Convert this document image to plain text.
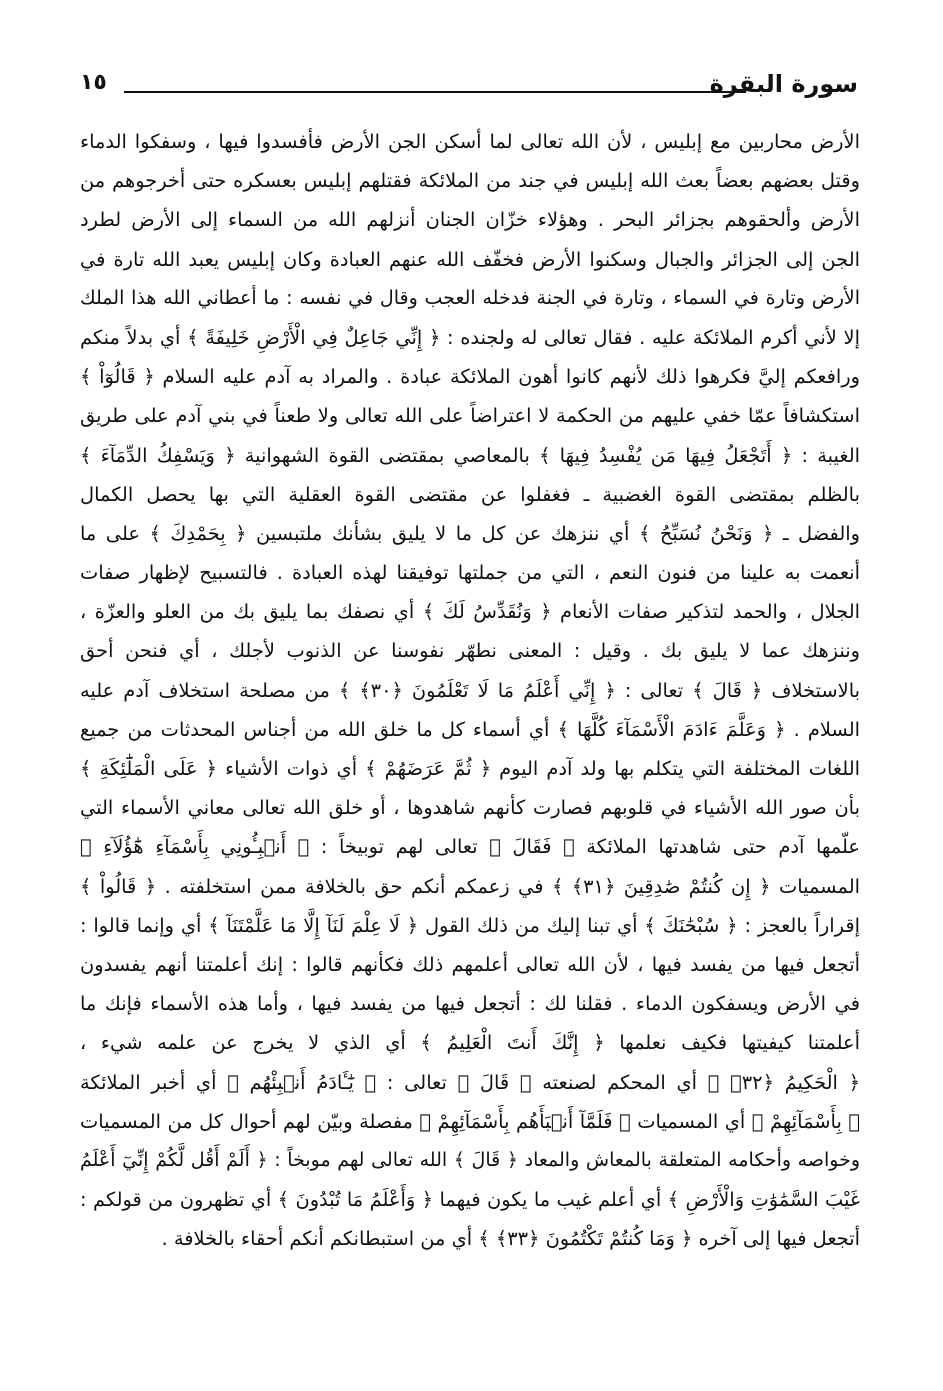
سورة البقرة
١٥
الأرض محاربين مع إبليس ، لأن الله تعالى لما أسكن الجن الأرض فأفسدوا فيها ، وسفكوا الدماء
وقتل بعضهم بعضاً بعث الله إبليس في جند من الملائكة فقتلهم إبليس بعسكره حتى أخرجوهم من
الأرض وألحقوهم بجزائر البحر . وهؤلاء خزّان الجنان أنزلهم الله من السماء إلى الأرض لطرد
الجن إلى الجزائر والجبال وسكنوا الأرض فخفّف الله عنهم العبادة وكان إبليس يعبد الله تارة في
الأرض وتارة في السماء ، وتارة في الجنة فدخله العجب وقال في نفسه : ما أعطاني الله هذا الملك
إلا لأني أكرم الملائكة عليه . فقال تعالى له ولجنده : ﴿ إِنِّي جَاعِلٌ فِي الْأَرْضِ خَلِيفَةً ﴾ أي بدلاً منكم
ورافعكم إليَّ فكرهوا ذلك لأنهم كانوا أهون الملائكة عبادة . والمراد به آدم عليه السلام ﴿ قَالُوٓاْ ﴾
استكشافاً عمّا خفي عليهم من الحكمة لا اعتراضاً على الله تعالى ولا طعناً في بني آدم على طريق
الغيبة : ﴿ أَتَجْعَلُ فِيهَا مَن يُفْسِدُ فِيهَا ﴾ بالمعاصي بمقتضى القوة الشهوانية ﴿ وَيَسْفِكُ الدِّمَآءَ ﴾
بالظلم بمقتضى القوة الغضبية ـ فغفلوا عن مقتضى القوة العقلية التي بها يحصل الكمال
والفضل ـ ﴿ وَنَحْنُ نُسَبِّحُ ﴾ أي ننزهك عن كل ما لا يليق بشأنك ملتبسين ﴿ بِحَمْدِكَ ﴾ على ما
أنعمت به علينا من فنون النعم ، التي من جملتها توفيقنا لهذه العبادة . فالتسبيح لإظهار صفات
الجلال ، والحمد لتذكير صفات الأنعام ﴿ وَنُقَدِّسُ لَكَ ﴾ أي نصفك بما يليق بك من العلو والعزّة ،
وننزهك عما لا يليق بك . وقيل : المعنى نطهّر نفوسنا عن الذنوب لأجلك ، أي فنحن أحق
بالاستخلاف ﴿ قَالَ ﴾ تعالى : ﴿ إِنِّي أَعْلَمُ مَا لَا تَعْلَمُونَ ﴿٣٠﴾ ﴾ من مصلحة استخلاف آدم عليه
السلام . ﴿ وَعَلَّمَ ءَادَمَ الْأَسْمَآءَ كُلَّهَا ﴾ أي أسماء كل ما خلق الله من أجناس المحدثات من جميع
اللغات المختلفة التي يتكلم بها ولد آدم اليوم ﴿ ثُمَّ عَرَضَهُمْ ﴾ أي ذوات الأشياء ﴿ عَلَى الْمَلَٰٓئِكَةِ ﴾
بأن صور الله الأشياء في قلوبهم فصارت كأنهم شاهدوها ، أو خلق الله تعالى معاني الأسماء التي
علّمها آدم حتى شاهدتها الملائكة ﴿ فَقَالَ ﴾ تعالى لهم توبيخاً : ﴿ أَنۢبِـُٔونِي بِأَسْمَآءِ هَٰٓؤُلَآءِ ﴾
المسميات ﴿ إِن كُنتُمْ صَٰدِقِينَ ﴿٣١﴾ ﴾ في زعمكم أنكم حق بالخلافة ممن استخلفته . ﴿ قَالُواْ ﴾
إقراراً بالعجز : ﴿ سُبْحَٰنَكَ ﴾ أي تبنا إليك من ذلك القول ﴿ لَا عِلْمَ لَنَآ إِلَّا مَا عَلَّمْتَنَآ ﴾ أي وإنما قالوا :
أتجعل فيها من يفسد فيها ، لأن الله تعالى أعلمهم ذلك فكأنهم قالوا : إنك أعلمتنا أنهم يفسدون
في الأرض ويسفكون الدماء . فقلنا لك : أتجعل فيها من يفسد فيها ، وأما هذه الأسماء فإنك ما
أعلمتنا كيفيتها فكيف نعلمها ﴿ إِنَّكَ أَنتَ الْعَلِيمُ ﴾ أي الذي لا يخرج عن علمه شيء ،
﴿ الْحَكِيمُ ﴿٣٢﴾ ﴾ أي المحكم لصنعته ﴿ قَالَ ﴾ تعالى : ﴿ يَٰٓـَٔادَمُ أَنۢبِئْهُم ﴾ أي أخبر الملائكة
﴿ بِأَسْمَآئِهِمْ ﴾ أي المسميات ﴿ فَلَمَّآ أَنۢبَأَهُم بِأَسْمَآئِهِمْ ﴾ مفصلة وبيّن لهم أحوال كل من المسميات
وخواصه وأحكامه المتعلقة بالمعاش والمعاد ﴿ قَالَ ﴾ الله تعالى لهم موبخاً : ﴿ أَلَمْ أَقُل لَّكُمْ إِنِّيٓ أَعْلَمُ
غَيْبَ السَّمَٰوَٰتِ وَالْأَرْضِ ﴾ أي أعلم غيب ما يكون فيهما ﴿ وَأَعْلَمُ مَا تُبْدُونَ ﴾ أي تظهرون من قولكم :
أتجعل فيها إلى آخره ﴿ وَمَا كُنتُمْ تَكْتُمُونَ ﴿٣٣﴾ ﴾ أي من استبطانكم أنكم أحقاء بالخلافة .
